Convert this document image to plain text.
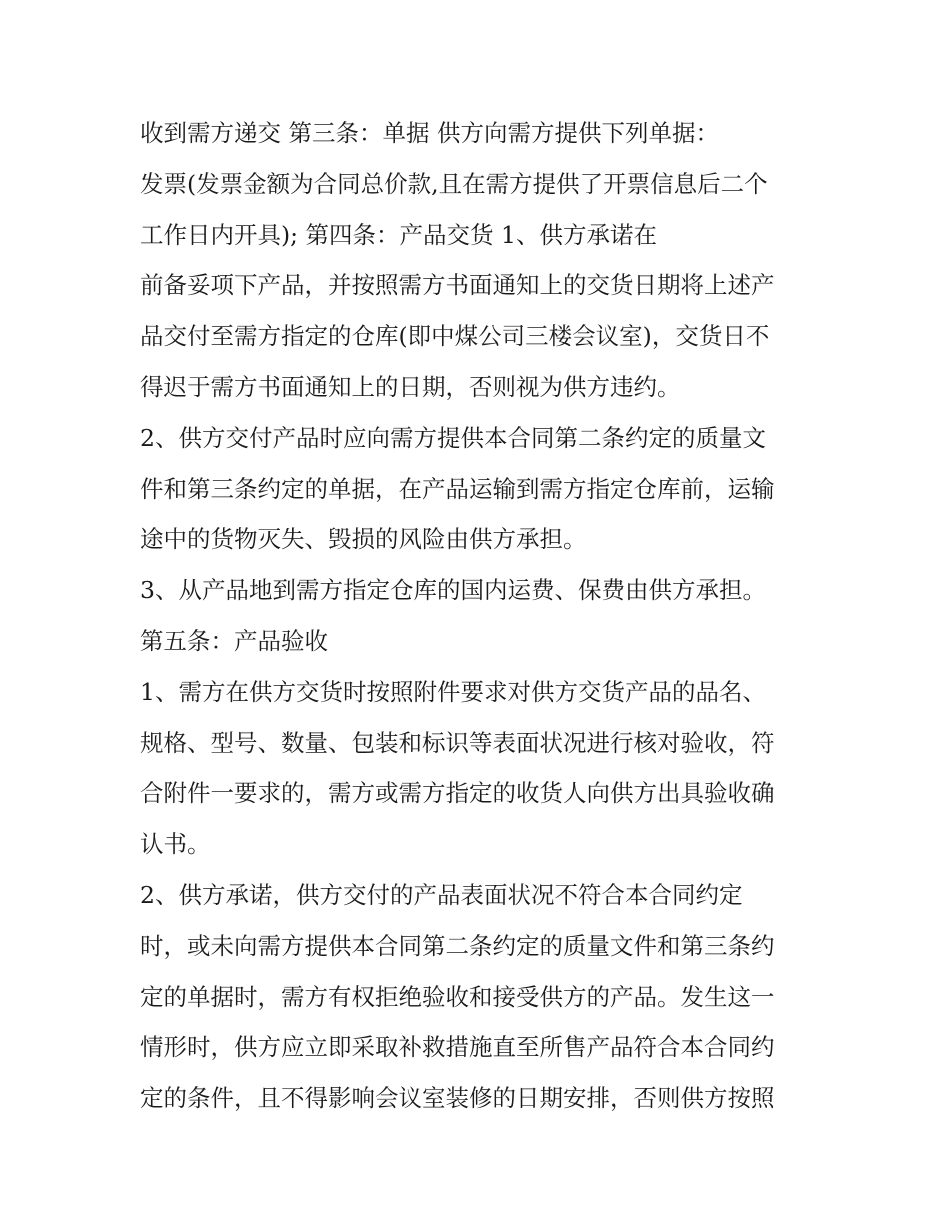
收到需方递交 第三条：单据 供方向需方提供下列单据：
发票(发票金额为合同总价款,且在需方提供了开票信息后二个
工作日内开具); 第四条：产品交货 1、供方承诺在
前备妥项下产品，并按照需方书面通知上的交货日期将上述产
品交付至需方指定的仓库(即中煤公司三楼会议室)，交货日不
得迟于需方书面通知上的日期，否则视为供方违约。
2、供方交付产品时应向需方提供本合同第二条约定的质量文
件和第三条约定的单据，在产品运输到需方指定仓库前，运输
途中的货物灭失、毁损的风险由供方承担。
3、从产品地到需方指定仓库的国内运费、保费由供方承担。
第五条：产品验收
1、需方在供方交货时按照附件要求对供方交货产品的品名、
规格、型号、数量、包装和标识等表面状况进行核对验收，符
合附件一要求的，需方或需方指定的收货人向供方出具验收确
认书。
2、供方承诺，供方交付的产品表面状况不符合本合同约定
时，或未向需方提供本合同第二条约定的质量文件和第三条约
定的单据时，需方有权拒绝验收和接受供方的产品。发生这一
情形时，供方应立即采取补救措施直至所售产品符合本合同约
定的条件，且不得影响会议室装修的日期安排，否则供方按照
